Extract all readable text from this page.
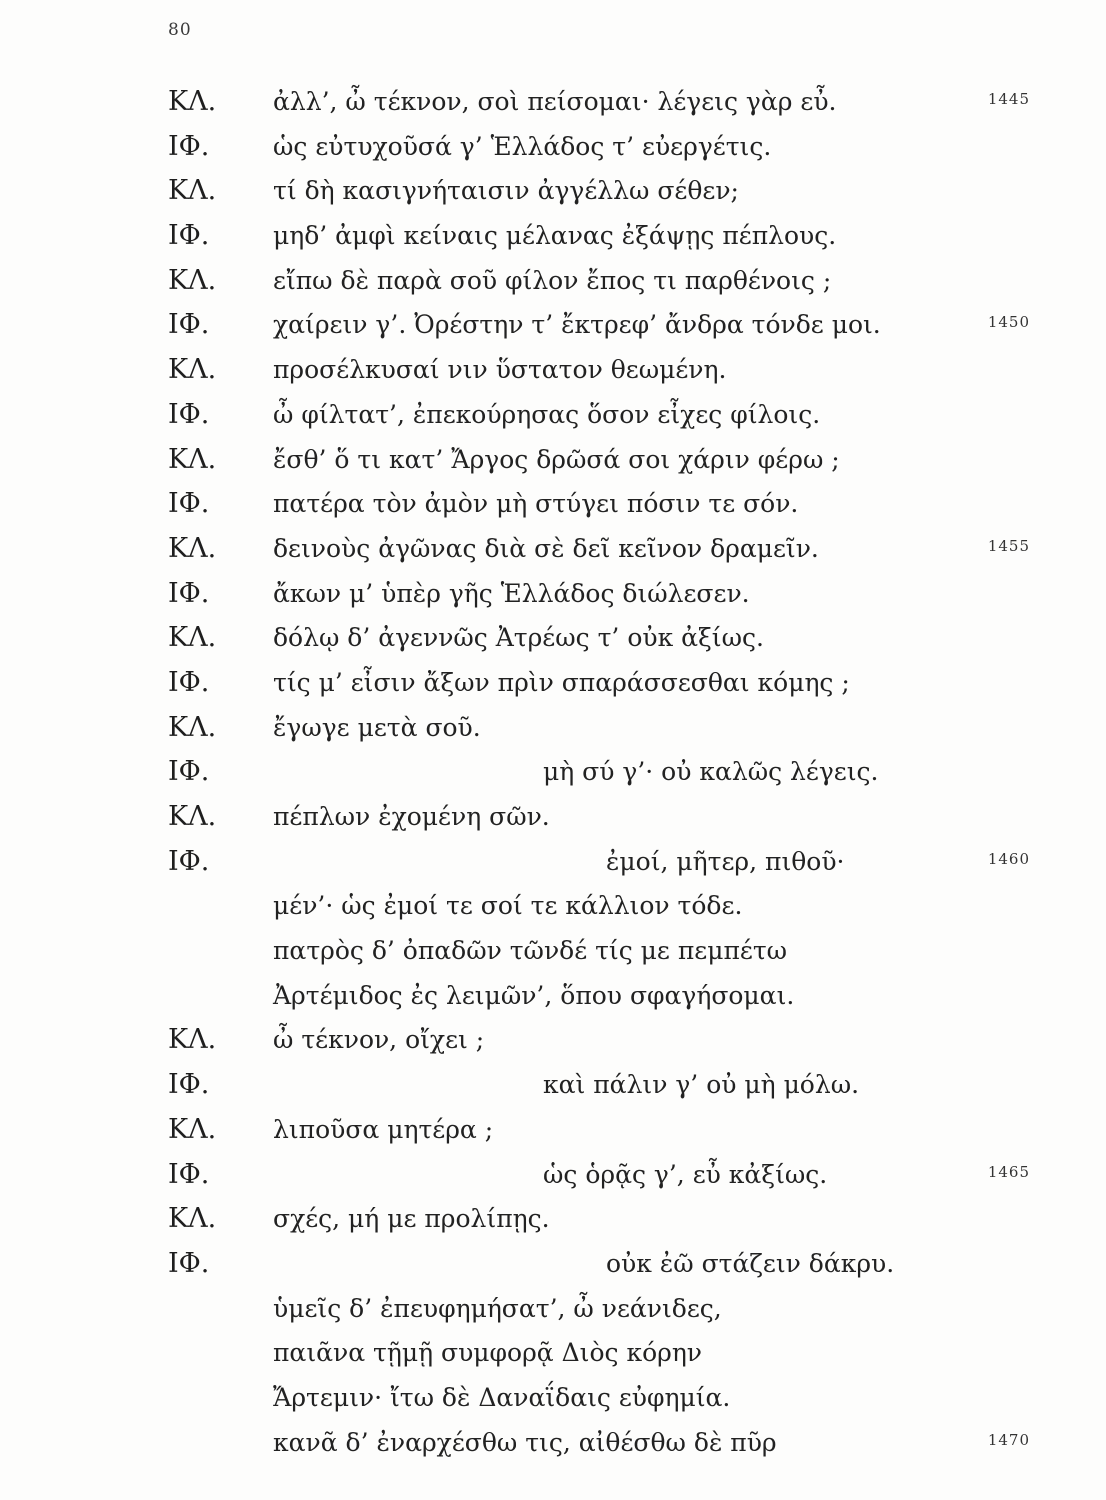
80
ΚΛ. ἀλλ’, ὦ τέκνον, σοὶ πείσομαι· λέγεις γὰρ εὖ.	1445
ΙΦ.	ὡς εὐτυχοῦσά γ’ Ἑλλάδος τ’ εὐεργέτις.
ΚΛ. τί δὴ κασιγνήταισιν ἀγγέλλω σέθεν;
ΙΦ.	μηδ’ ἀμφὶ κείναις μέλανας ἐξάψῃς πέπλους.
ΚΛ. εἴπω δὲ παρὰ σοῦ φίλον ἔπος τι παρθένοις ;
ΙΦ.	χαίρειν γ’. Ὀρέστην τ’ ἔκτρεφ’ ἄνδρα τόνδε μοι.	1450
ΚΛ. προσέλκυσαί νιν ὕστατον θεωμένη.
ΙΦ.	ὦ φίλτατ’, ἐπεκούρησας ὅσον εἶχες φίλοις.
ΚΛ. ἔσθ’ ὅ τι κατ’ Ἄργος δρῶσά σοι χάριν φέρω ;
ΙΦ.	πατέρα τὸν ἀμὸν μὴ στύγει πόσιν τε σόν.
ΚΛ. δεινοὺς ἀγῶνας διὰ σὲ δεῖ κεῖνον δραμεῖν.	1455
ΙΦ.	ἄκων μ’ ὑπὲρ γῆς Ἑλλάδος διώλεσεν.
ΚΛ. δόλῳ δ’ ἀγεννῶς Ἀτρέως τ’ οὐκ ἀξίως.
ΙΦ.	τίς μ’ εἶσιν ἄξων πρὶν σπαράσσεσθαι κόμης ;
ΚΛ. ἔγωγε μετὰ σοῦ.
ΙΦ.	μὴ σύ γ’· οὐ καλῶς λέγεις.
ΚΛ. πέπλων ἐχομένη σῶν.
ΙΦ.	ἐμοί, μῆτερ, πιθοῦ·	1460
μέν’· ὡς ἐμοί τε σοί τε κάλλιον τόδε.
πατρὸς δ’ ὀπαδῶν τῶνδέ τίς με πεμπέτω
Ἀρτέμιδος ἐς λειμῶν’, ὅπου σφαγήσομαι.
ΚΛ. ὦ τέκνον, οἴχει ;
ΙΦ.	καὶ πάλιν γ’ οὐ μὴ μόλω.
ΚΛ. λιποῦσα μητέρα ;
ΙΦ.	ὡς ὁρᾷς γ’, εὖ κἀξίως.	1465
ΚΛ. σχές, μή με προλίπῃς.
ΙΦ.	οὐκ ἐῶ στάζειν δάκρυ.
ὑμεῖς δ’ ἐπευφημήσατ’, ὦ νεάνιδες,
παιᾶνα τῇμῇ συμφορᾷ Διὸς κόρην
Ἄρτεμιν· ἴτω δὲ Δαναΐδαις εὐφημία.
κανᾶ δ’ ἐναρχέσθω τις, αἰθέσθω δὲ πῦρ	1470
